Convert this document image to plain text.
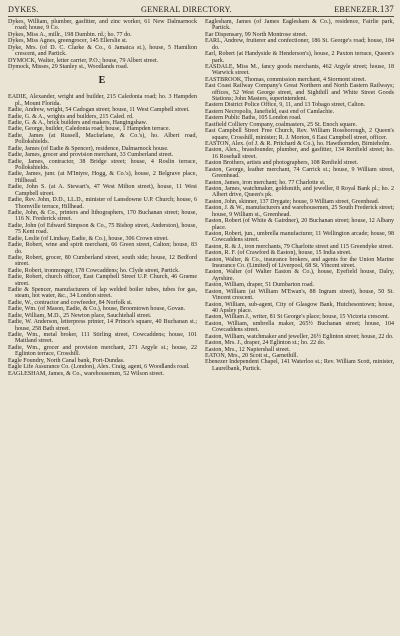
DYKES.	GENERAL DIRECTORY.	EBENEZER. 137

Dykes, William, plumber, gasfitter, and zinc worker, 61 New Dalmarnock road; house, 9 Co.

Dykes, Miss A., millr., 198 Dumbtn. rd.; ho. 77 do.

Dykes, Miss Agnes, greengrocer, 145 Ellerslie st.

Dyke, Mrs. (of D. C. Clarke & Co., 6 Jamaica st.), house, 5 Hamilton crescent, and Partick.

DYMOCK, Walter, letter carrier, P.O.; house, 79 Albert street.

Dymock, Misses, 29 Stanley st., Woodlands road.

E

EADIE, Alexander, wright and builder, 215 Caledonia road; ho. 3 Hampden pl., Mount Florida.

Eadie, Andrew, wright, 54 Cadogan street; house, 11 West Campbell street.

Eadie, G. & A., wrights and builders, 215 Caled. rd.

Eadie, G. & A., brick builders and makers, Hangingshaw.

Eadie, George, builder, Caledonia road; house, 1 Hampden terrace.

Eadie, James (at Russell, Macfarlane, & Co.'s), ho. Albert road, Pollokshields.

Eadie, James (of Eadie & Spencer), residence, Dalmarnock house.

Eadie, James, grocer and provision merchant, 33 Cumberland street.

Eadie, James, contractor, 38 Bridge street; house, 4 Roslin terrace, Pollokshields.

Eadie, James, junr. (at M'Intyre, Hogg, & Co.'s), house, 2 Belgrave place, Hillhead.

Eadie, John S. (at A. Stewart's, 47 West Milton street), house, 11 West Campbell street.

Eadie, Rev. John, D.D., LL.D., minister of Lansdowne U.P. Church; house, 6 Thornville terrace, Hillhead.

Eadie, John, & Co., printers and lithographers, 170 Buchanan street; house, 116 N. Frederick street.

Eadie, John (of Edward Simpson & Co., 75 Bishop street, Anderston), house, 75 Kent road.

Eadie, Leslie (of Lindsay, Eadie, & Co.), house, 306 Crown street.

Eadie, Robert, wine and spirit merchant, 66 Green street, Calton; house, 83 do.

Eadie, Robert, grocer, 80 Cumberland street, south side; house, 12 Bedford street.

Eadie, Robert, ironmonger, 178 Cowcaddens; ho. Clyde street, Partick.

Eadie, Robert, church officer, East Campbell Street U.P. Church, 46 Græme street.

Eadie & Spencer, manufacturers of lap welded boiler tubes, tubes for gas, steam, hot water, &c., 34 London street.

Eadie, W., contractor and cowfeeder, 84 Norfolk st.

Eadie, Wm. (of Mason, Eadie, & Co.), house, Broomtown house, Govan.

Eadie, William, M.D., 25 Newton place, Sauchiehall street.

Eadie, W. Anderson, letterpress printer, 14 Prince's square, 40 Buchanan st.; house, 258 Bath street.

Eadie, Wm., metal broker, 111 Stirling street, Cowcaddens; house, 101 Maitland street.

Eadie, Wm., grocer and provision merchant, 271 Argyle st.; house, 22 Eglinton terrace, Crosshill.

Eagle Foundry, North Canal bank, Port-Dundas.

Eagle Life Assurance Co. (London), Alex. Craig, agent, 6 Woodlands road.

EAGLESHAM, James, & Co., warehousemen, 52 Wilson street.

Eaglesham, James (of James Eaglesham & Co.), residence, Fairlie park, Partick.

Ear Dispensary, 99 North Montrose street.

EARL, Andrew, fruiterer and confectioner, 186 St. George's road; house, 184 do.

Earl, Robert (at Handyside & Henderson's), house, 2 Paxton terrace, Queen's park.

EASDALE, Miss M., fancy goods merchants, 462 Argyle street; house, 18 Warwick street.

EASTBROOK, Thomas, commission merchant, 4 Stormont street.

East Coast Railway Company's Great Northern and North Eastern Railways; offices, 52 West George street, and Sighthill and White Street Goods Stations; John Masters, superintendent.

Eastern District Police Office, 9, 11, and 13 Tobago street, Calton.

Eastern Necropolis, Janefield, east end of Camlachie.

Eastern Public Baths, 105 London road.

Eastfield Colliery Company, coalmasters, 25 St. Enoch square.

East Campbell Street Free Church, Rev. William Rossborough, 2 Queen's square, Crosshill, minister; R. J. Morton, 6 East Campbell street, officer.

EASTON, Alex. (of J. & R. Pritchard & Co.), ho. Hawthornden, Birnieholm.

Easton, Alex., brassfounder, plumber, and gasfitter, 134 Renfield street; ho. 16 Rosehall street.

Easton Brothers, artists and photographers, 108 Renfield street.

Easton, George, leather merchant, 74 Carrick st.; house, 9 William street, Greenhead.

Easton, James, iron merchant; ho. 77 Charlotte st.

Easton, James, watchmaker, goldsmith, and jeweller, 8 Royal Bank pl.; ho. 2 Albert drive, Queen's pk.

Easton, John, skinner, 137 Drygate; house, 9 William street, Greenhead.

Easton, J. & W., manufacturers and warehousemen, 25 South Frederick street; house, 9 William st., Greenhead.

Easton, Robert (of White & Gairdner), 20 Buchanan street; house, 12 Albany place.

Easton, Robert, jun., umbrella manufacturer, 11 Wellington arcade; house, 98 Cowcaddens street.

Easton, R. & J., iron merchants, 79 Charlotte street and 115 Greendyke street.

Easton, R. F. (of Crawford & Easton), house, 15 India street.

Easton, Walter, & Co., insurance brokers, and agents for the Union Marine Insurance Co. (Limited) of Liverpool, 68 St. Vincent street.

Easton, Walter (of Walter Easton & Co.), house, Eyefield house, Dalry, Ayrshire.

Easton, William, draper, 51 Dumbarton road.

Easton, William (at William M'Ewan's, 88 Ingram street), house, 50 St. Vincent crescent.

Easton, William, sub-agent, City of Glasgow Bank, Hutchesontown; house, 40 Apsley place.

Easton, William J., writer, 81 St George's place; house, 15 Victoria crescent.

Easton, William, umbrella maker, 265½ Buchanan street; house, 104 Cowcaddens street.

Easton, William, watchmaker and jeweller, 26½ Eglinton street; house, 22 do.

Easton, Mrs. J., draper, 24 Eglinton st.; ho. 22 do.

Easton, Mrs., 12 Napiershall street.

EATON, Mrs., 20 Scott st., Garnethill.

Ebenezer Independent Chapel, 141 Waterloo st.; Rev. William Scott, minister, Laurelbank, Partick.
